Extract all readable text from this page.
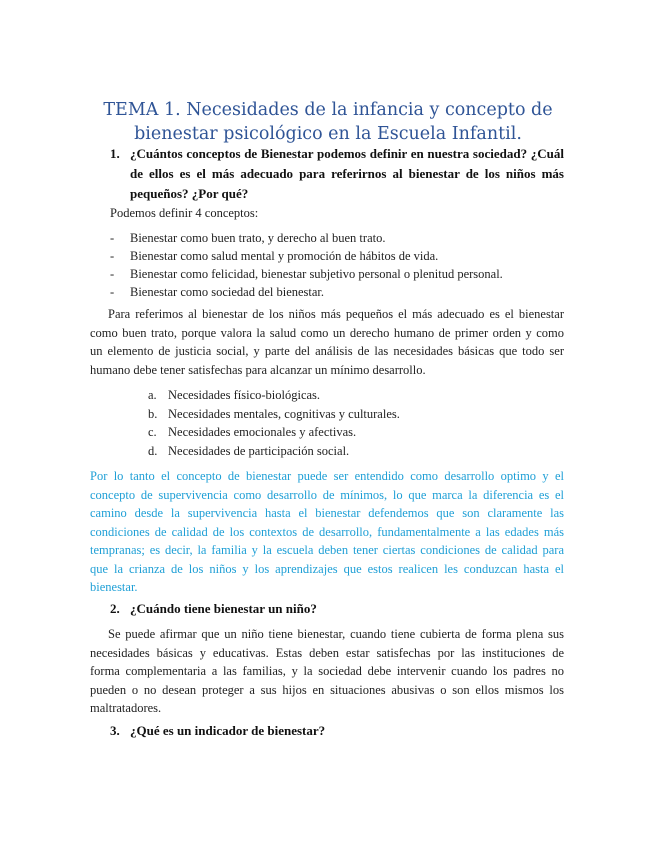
TEMA 1. Necesidades de la infancia y concepto de
bienestar psicológico en la Escuela Infantil.
1. ¿Cuántos conceptos de Bienestar podemos definir en nuestra sociedad? ¿Cuál
de ellos es el más adecuado para referirnos al bienestar de los niños más
pequeños? ¿Por qué?
Podemos definir 4 conceptos:
- Bienestar como buen trato, y derecho al buen trato.
- Bienestar como salud mental y promoción de hábitos de vida.
- Bienestar como felicidad, bienestar subjetivo personal o plenitud personal.
- Bienestar como sociedad del bienestar.
Para referimos al bienestar de los niños más pequeños el más adecuado es el bienestar
como buen trato, porque valora la salud como un derecho humano de primer orden y como
un elemento de justicia social, y parte del análisis de las necesidades básicas que todo ser
humano debe tener satisfechas para alcanzar un mínimo desarrollo.
a. Necesidades físico-biológicas.
b. Necesidades mentales, cognitivas y culturales.
c. Necesidades emocionales y afectivas.
d. Necesidades de participación social.
Por lo tanto el concepto de bienestar puede ser entendido como desarrollo optimo y el
concepto de supervivencia como desarrollo de mínimos, lo que marca la diferencia es el
camino desde la supervivencia hasta el bienestar defendemos que son claramente las
condiciones de calidad de los contextos de desarrollo, fundamentalmente a las edades más
tempranas; es decir, la familia y la escuela deben tener ciertas condiciones de calidad para
que la crianza de los niños y los aprendizajes que estos realicen les conduzcan hasta el
bienestar.
2. ¿Cuándo tiene bienestar un niño?
Se puede afirmar que un niño tiene bienestar, cuando tiene cubierta de forma plena sus
necesidades básicas y educativas. Estas deben estar satisfechas por las instituciones de
forma complementaria a las familias, y la sociedad debe intervenir cuando los padres no
pueden o no desean proteger a sus hijos en situaciones abusivas o son ellos mismos los
maltratadores.
3. ¿Qué es un indicador de bienestar?
